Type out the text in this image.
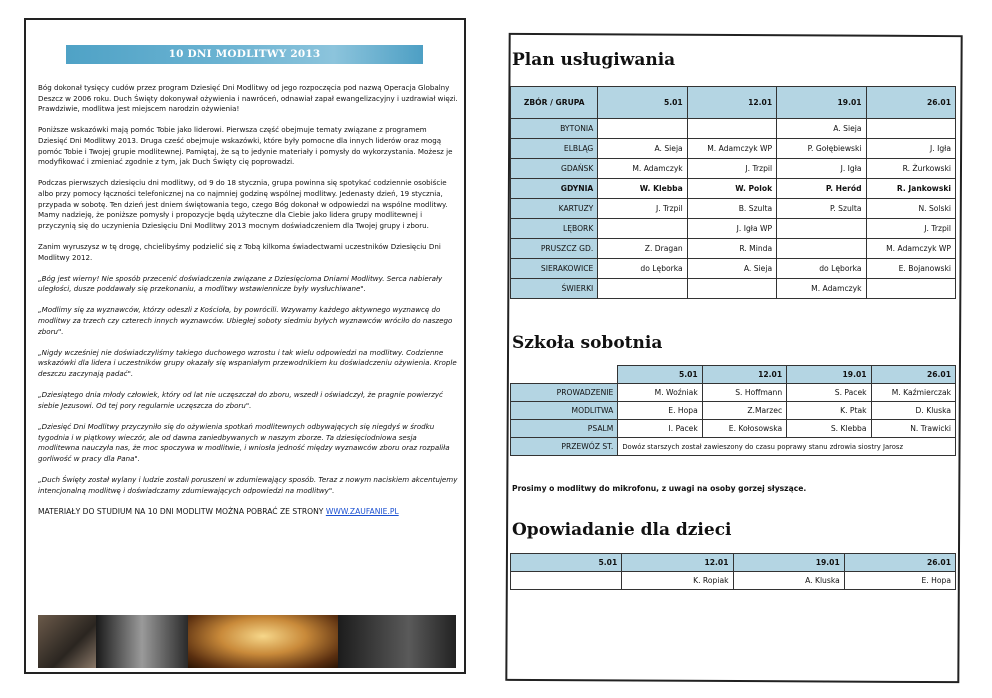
10 DNI MODLITWY 2013

Bóg dokonał tysięcy cudów przez program Dziesięć Dni Modlitwy od jego rozpoczęcia pod nazwą Operacja Globalny Deszcz w 2006 roku. Duch Święty dokonywał ożywienia i nawróceń, odnawiał zapał ewangelizacyjny i uzdrawiał więzi. Prawdziwie, modlitwa jest miejscem narodzin ożywienia!

Poniższe wskazówki mają pomóc Tobie jako liderowi. Pierwsza część obejmuje tematy związane z programem Dziesięć Dni Modlitwy 2013. Druga cześć obejmuje wskazówki, które były pomocne dla innych liderów oraz mogą pomóc Tobie i Twojej grupie modlitewnej. Pamiętaj, że są to jedynie materiały i pomysły do wykorzystania. Możesz je modyfikować i zmieniać zgodnie z tym, jak Duch Święty cię poprowadzi.

Podczas pierwszych dziesięciu dni modlitwy, od 9 do 18 stycznia, grupa powinna się spotykać codziennie osobiście albo przy pomocy łączności telefonicznej na co najmniej godzinę wspólnej modlitwy. Jedenasty dzień, 19 stycznia, przypada w sobotę. Ten dzień jest dniem świętowania tego, czego Bóg dokonał w odpowiedzi na wspólne modlitwy. Mamy nadzieję, że poniższe pomysły i propozycje będą użyteczne dla Ciebie jako lidera grupy modlitewnej i przyczynią się do uczynienia Dziesięciu Dni Modlitwy 2013 mocnym doświadczeniem dla Twojej grupy i zboru.

Zanim wyruszysz w tę drogę, chcielibyśmy podzielić się z Tobą kilkoma świadectwami uczestników Dziesięciu Dni Modlitwy 2012.

„Bóg jest wierny! Nie sposób przecenić doświadczenia związane z Dziesięcioma Dniami Modlitwy. Serca nabierały uległości, dusze poddawały się przekonaniu, a modlitwy wstawiennicze były wysłuchiwane".

„Modlimy się za wyznawców, którzy odeszli z Kościoła, by powrócili. Wzywamy każdego aktywnego wyznawcę do modlitwy za trzech czy czterech innych wyznawców. Ubiegłej soboty siedmiu byłych wyznawców wróciło do naszego zboru".

„Nigdy wcześniej nie doświadczyliśmy takiego duchowego wzrostu i tak wielu odpowiedzi na modlitwy. Codzienne wskazówki dla lidera i uczestników grupy okazały się wspaniałym przewodnikiem ku doświadczeniu ożywienia. Krople deszczu zaczynają padać".

„Dziesiątego dnia młody człowiek, który od lat nie uczęszczał do zboru, wszedł i oświadczył, że pragnie powierzyć siebie Jezusowi. Od tej pory regularnie uczęszcza do zboru".

„Dziesięć Dni Modlitwy przyczyniło się do ożywienia spotkań modlitewnych odbywających się niegdyś w środku tygodnia i w piątkowy wieczór, ale od dawna zaniedbywanych w naszym zborze. Ta dziesięciodniowa sesja modlitewna nauczyła nas, że moc spoczywa w modlitwie, i wniosła jedność między wyznawców zboru oraz rozpaliła gorliwość w pracy dla Pana".

„Duch Święty został wylany i ludzie zostali poruszeni w zdumiewający sposób. Teraz z nowym naciskiem akcentujemy intencjonalną modlitwę i doświadczamy zdumiewających odpowiedzi na modlitwy".

MATERIAŁY DO STUDIUM NA 10 DNI MODLITW MOŻNA POBRAĆ ZE STRONY WWW.ZAUFANIE.PL
Plan usługiwania
ZBÓR / GRUPA	5.01	12.01	19.01	26.01
BYTONIA			A. Sieja	
ELBLĄG	A. Sieja	M. Adamczyk WP	P. Gołębiewski	J. Igła
GDAŃSK	M. Adamczyk	J. Trzpil	J. Igła	R. Żurkowski
GDYNIA	W. Klebba	W. Polok	P. Heród	R. Jankowski
KARTUZY	J. Trzpil	B. Szulta	P. Szulta	N. Solski
LĘBORK		J. Igła WP		J. Trzpil
PRUSZCZ GD.	Z. Dragan	R. Minda		M. Adamczyk WP
SIERAKOWICE	do Lęborka	A. Sieja	do Lęborka	E. Bojanowski
ŚWIERKI			M. Adamczyk	
Szkoła sobotnia
	5.01	12.01	19.01	26.01
PROWADZENIE	M. Woźniak	S. Hoffmann	S. Pacek	M. Kaźmierczak
MODLITWA	E. Hopa	Z.Marzec	K. Ptak	D. Kluska
PSALM	I. Pacek	E. Kołosowska	S. Klebba	N. Trawicki
PRZEWÓZ ST.	Dowóz starszych został zawieszony do czasu poprawy stanu zdrowia siostry Jarosz			
Prosimy o modlitwy do mikrofonu, z uwagi na osoby gorzej słyszące.
Opowiadanie dla dzieci
5.01	12.01	19.01	26.01
	K. Ropiak	A. Kluska	E. Hopa
